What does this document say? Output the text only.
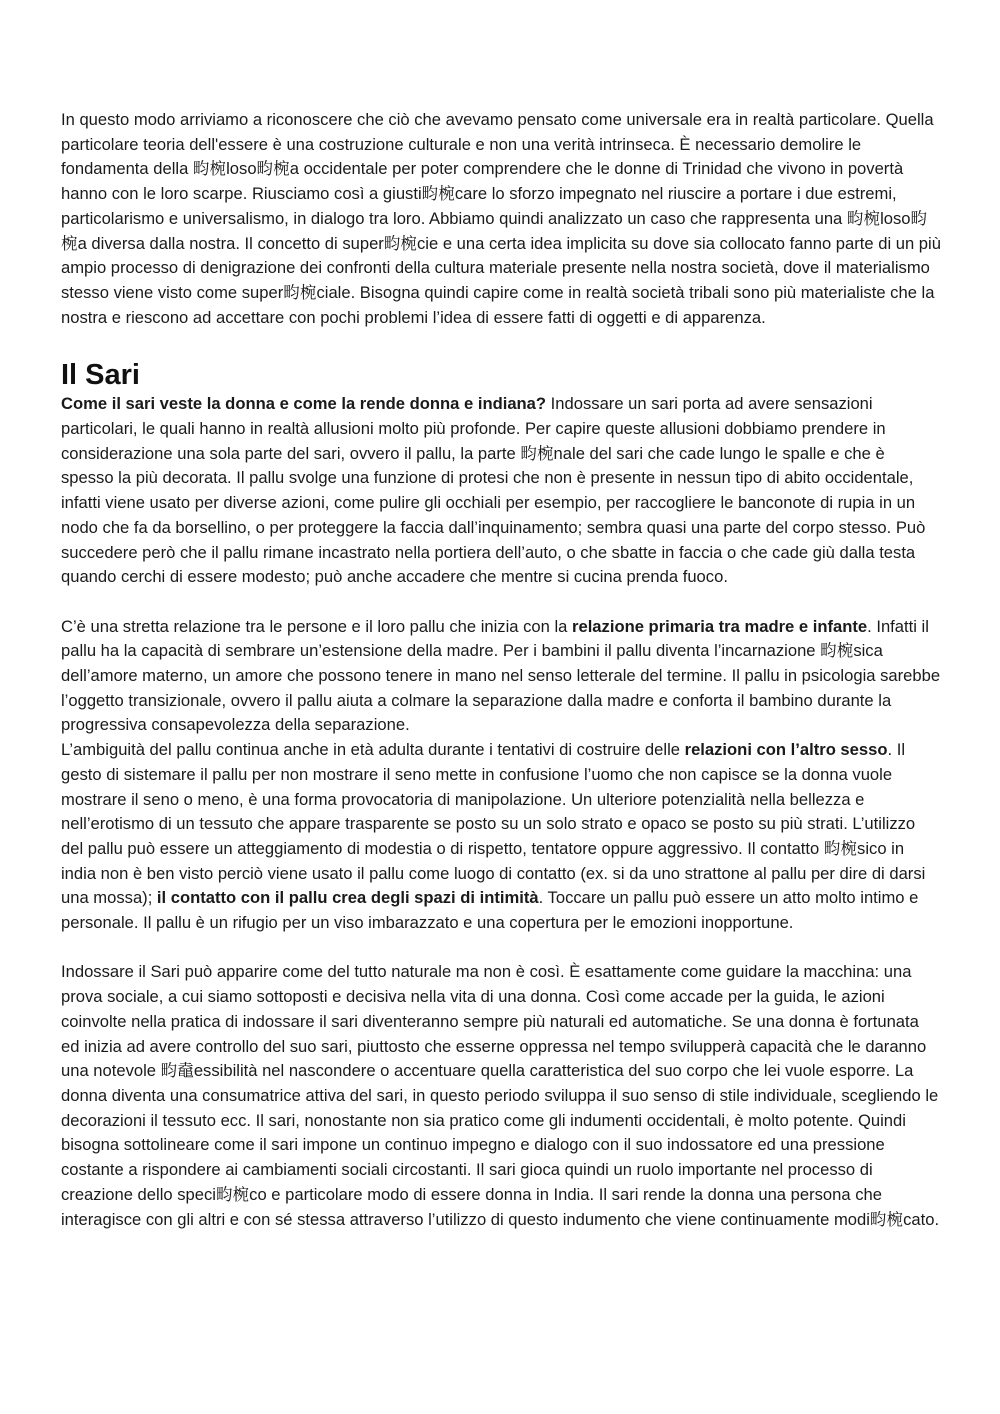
In questo modo arriviamo a riconoscere che ciò che avevamo pensato come universale era in realtà particolare. Quella particolare teoria dell'essere è una costruzione culturale e non una verità intrinseca. È necessario demolire le fondamenta della 畇椀loso畇椀a occidentale per poter comprendere che le donne di Trinidad che vivono in povertà hanno con le loro scarpe. Riusciamo così a giusti畇椀care lo sforzo impegnato nel riuscire a portare i due estremi, particolarismo e universalismo, in dialogo tra loro. Abbiamo quindi analizzato un caso che rappresenta una 畇椀loso畇椀a diversa dalla nostra. Il concetto di super畇椀cie e una certa idea implicita su dove sia collocato fanno parte di un più ampio processo di denigrazione dei confronti della cultura materiale presente nella nostra società, dove il materialismo stesso viene visto come super畇椀ciale. Bisogna quindi capire come in realtà società tribali sono più materialiste che la nostra e riescono ad accettare con pochi problemi l’idea di essere fatti di oggetti e di apparenza.

Il Sari

Come il sari veste la donna e come la rende donna e indiana? Indossare un sari porta ad avere sensazioni particolari, le quali hanno in realtà allusioni molto più profonde. Per capire queste allusioni dobbiamo prendere in considerazione una sola parte del sari, ovvero il pallu, la parte 畇椀nale del sari che cade lungo le spalle e che è spesso la più decorata. Il pallu svolge una funzione di protesi che non è presente in nessun tipo di abito occidentale, infatti viene usato per diverse azioni, come pulire gli occhiali per esempio, per raccogliere le banconote di rupia in un nodo che fa da borsellino, o per proteggere la faccia dall’inquinamento; sembra quasi una parte del corpo stesso. Può succedere però che il pallu rimane incastrato nella portiera dell’auto, o che sbatte in faccia o che cade giù dalla testa quando cerchi di essere modesto; può anche accadere che mentre si cucina prenda fuoco.

C’è una stretta relazione tra le persone e il loro pallu che inizia con la relazione primaria tra madre e infante. Infatti il pallu ha la capacità di sembrare un’estensione della madre. Per i bambini il pallu diventa l’incarnazione 畇椀sica dell’amore materno, un amore che possono tenere in mano nel senso letterale del termine. Il pallu in psicologia sarebbe l’oggetto transizionale, ovvero il pallu aiuta a colmare la separazione dalla madre e conforta il bambino durante la progressiva consapevolezza della separazione.

L’ambiguità del pallu continua anche in età adulta durante i tentativi di costruire delle relazioni con l’altro sesso. Il gesto di sistemare il pallu per non mostrare il seno mette in confusione l’uomo che non capisce se la donna vuole mostrare il seno o meno, è una forma provocatoria di manipolazione. Un ulteriore potenzialità nella bellezza e nell’erotismo di un tessuto che appare trasparente se posto su un solo strato e opaco se posto su più strati. L’utilizzo del pallu può essere un atteggiamento di modestia o di rispetto, tentatore oppure aggressivo. Il contatto 畇椀sico in india non è ben visto perciò viene usato il pallu come luogo di contatto (ex. si da uno strattone al pallu per dire di darsi una mossa); il contatto con il pallu crea degli spazi di intimità. Toccare un pallu può essere un atto molto intimo e personale. Il pallu è un rifugio per un viso imbarazzato e una copertura per le emozioni inopportune.

Indossare il Sari può apparire come del tutto naturale ma non è così. È esattamente come guidare la macchina: una prova sociale, a cui siamo sottoposti e decisiva nella vita di una donna. Così come accade per la guida, le azioni coinvolte nella pratica di indossare il sari diventeranno sempre più naturali ed automatiche. Se una donna è fortunata ed inizia ad avere controllo del suo sari, piuttosto che esserne oppressa nel tempo svilupperà capacità che le daranno una notevole 畇鼀essibilità nel nascondere o accentuare quella caratteristica del suo corpo che lei vuole esporre. La donna diventa una consumatrice attiva del sari, in questo periodo sviluppa il suo senso di stile individuale, scegliendo le decorazioni il tessuto ecc. Il sari, nonostante non sia pratico come gli indumenti occidentali, è molto potente. Quindi bisogna sottolineare come il sari impone un continuo impegno e dialogo con il suo indossatore ed una pressione costante a rispondere ai cambiamenti sociali circostanti. Il sari gioca quindi un ruolo importante nel processo di creazione dello speci畇椀co e particolare modo di essere donna in India. Il sari rende la donna una persona che interagisce con gli altri e con sé stessa attraverso l’utilizzo di questo indumento che viene continuamente modi畇椀cato.
